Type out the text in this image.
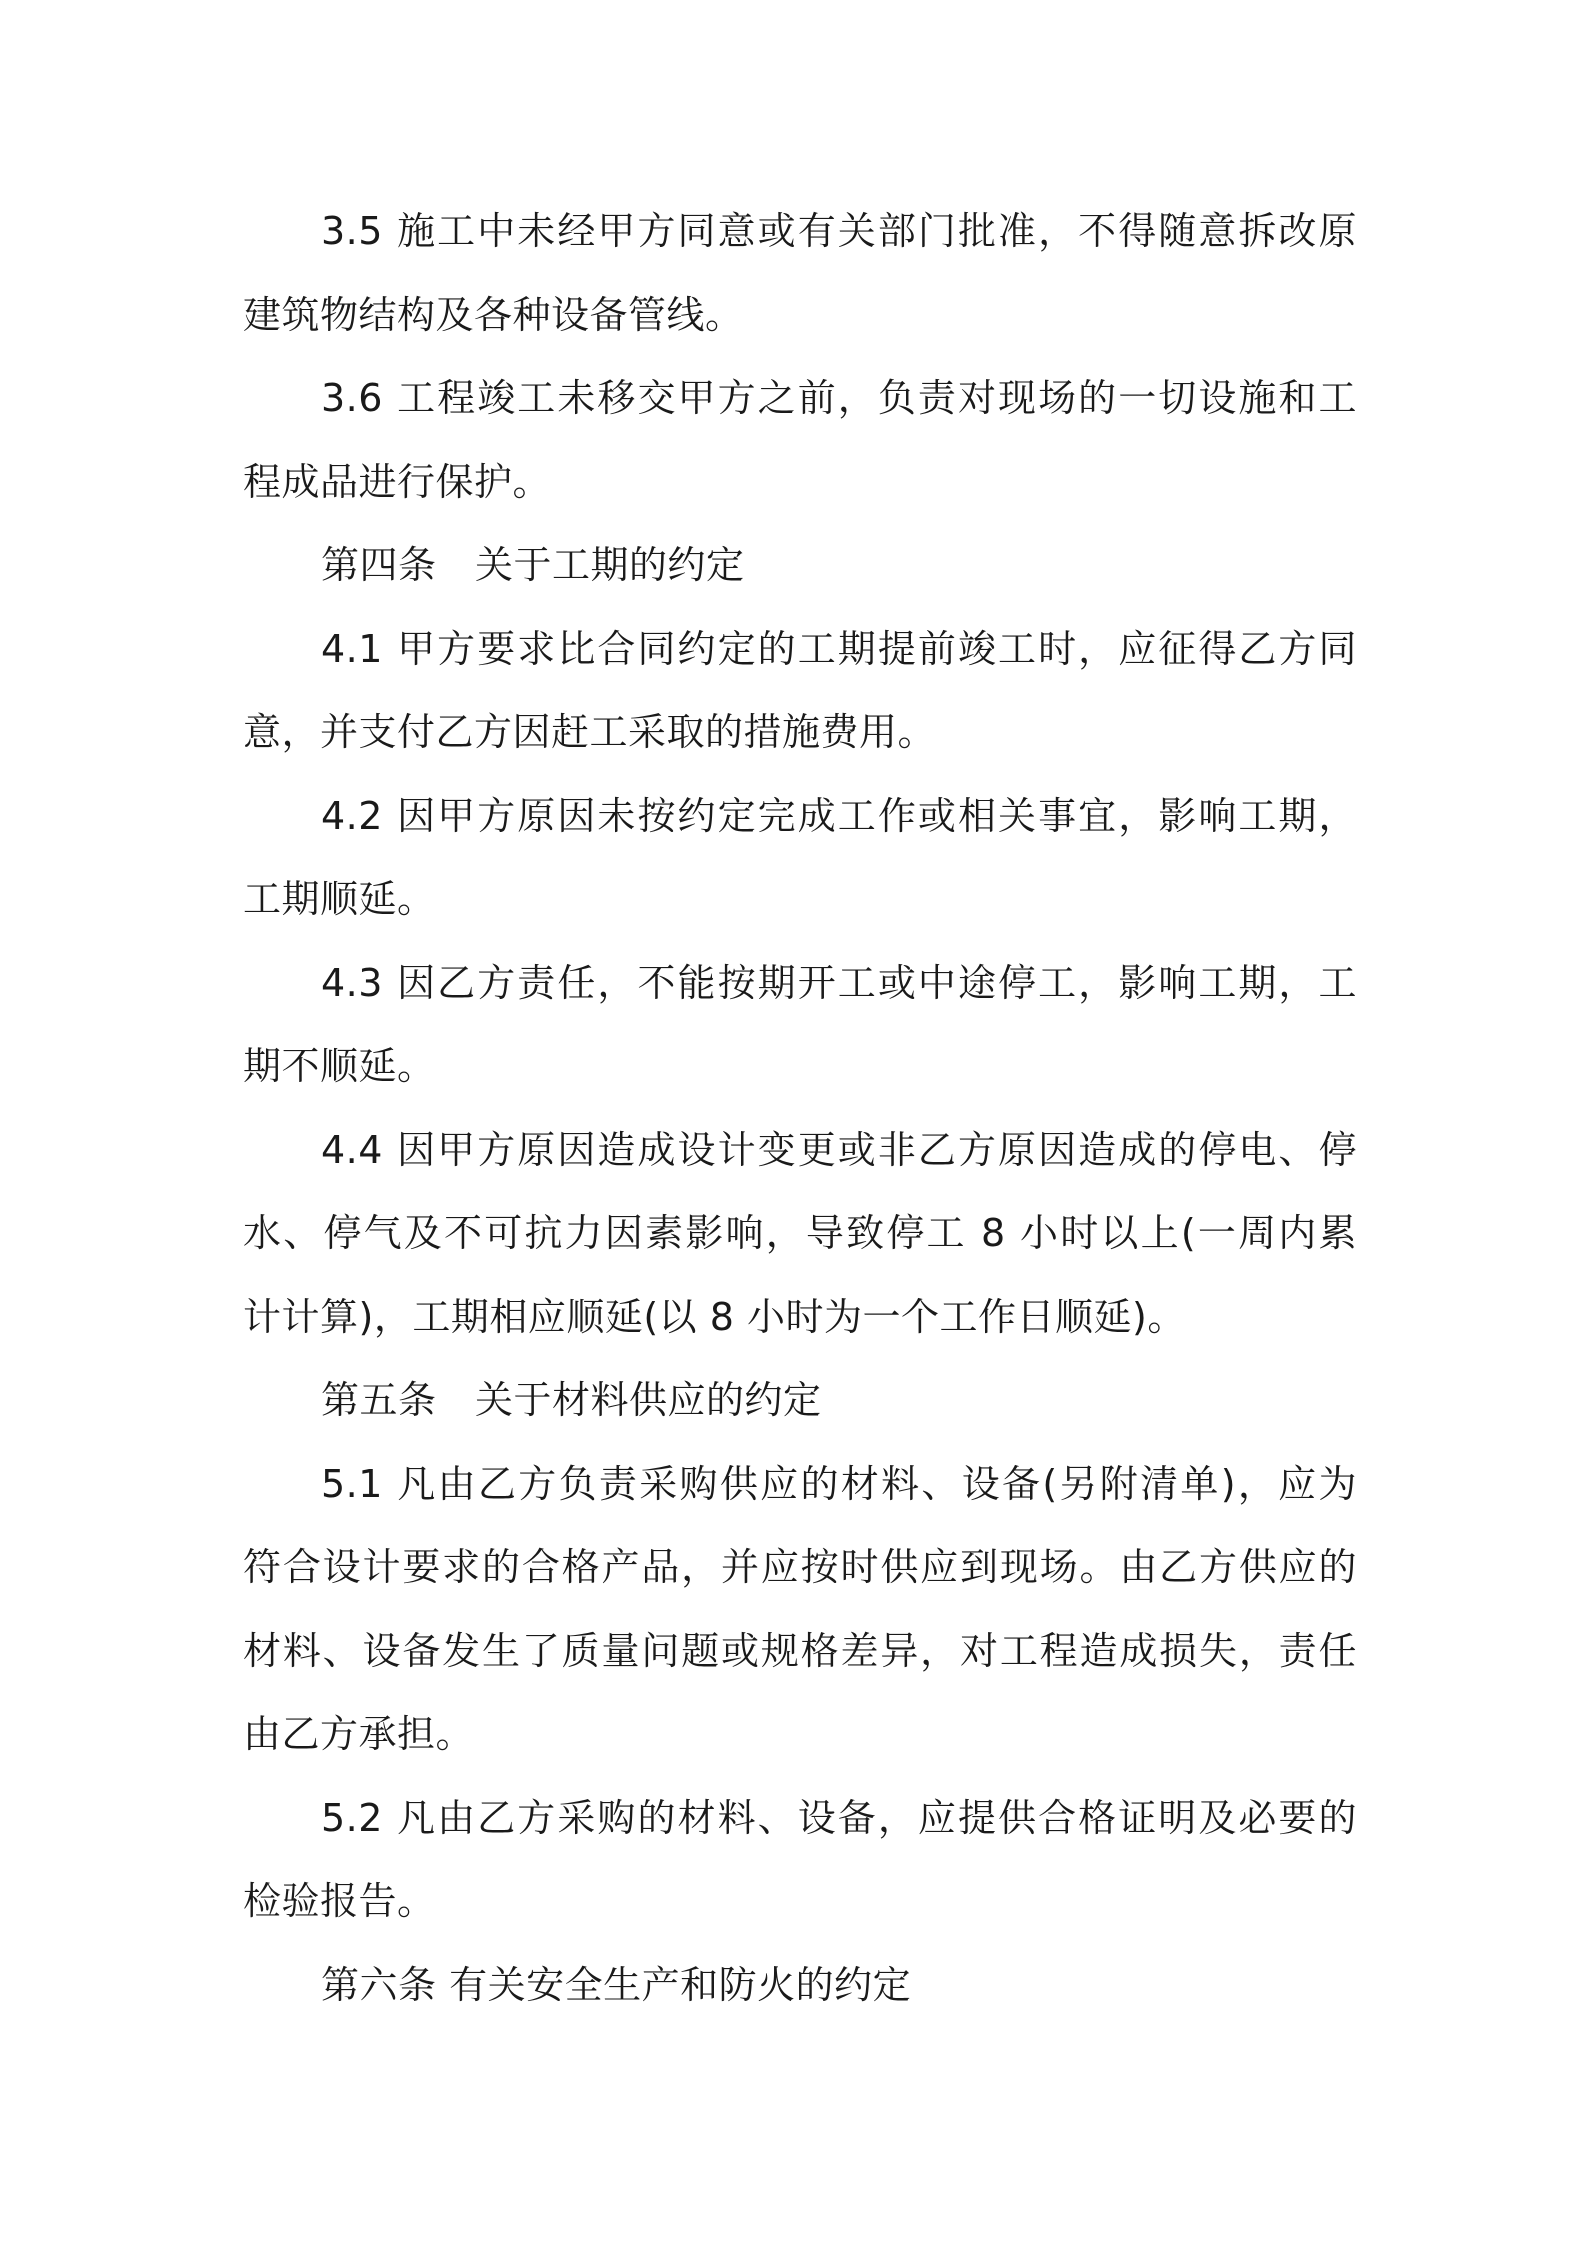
3.5 施工中未经甲方同意或有关部门批准，不得随意拆改原
建筑物结构及各种设备管线。
3.6 工程竣工未移交甲方之前，负责对现场的一切设施和工
程成品进行保护。
第四条　关于工期的约定
4.1 甲方要求比合同约定的工期提前竣工时，应征得乙方同
意，并支付乙方因赶工采取的措施费用。
4.2 因甲方原因未按约定完成工作或相关事宜，影响工期，
工期顺延。
4.3 因乙方责任，不能按期开工或中途停工，影响工期，工
期不顺延。
4.4 因甲方原因造成设计变更或非乙方原因造成的停电、停
水、停气及不可抗力因素影响，导致停工 8 小时以上(一周内累
计计算)，工期相应顺延(以 8 小时为一个工作日顺延)。
第五条　关于材料供应的约定
5.1 凡由乙方负责采购供应的材料、设备(另附清单)，应为
符合设计要求的合格产品，并应按时供应到现场。由乙方供应的
材料、设备发生了质量问题或规格差异，对工程造成损失，责任
由乙方承担。
5.2 凡由乙方采购的材料、设备，应提供合格证明及必要的
检验报告。
第六条 有关安全生产和防火的约定
